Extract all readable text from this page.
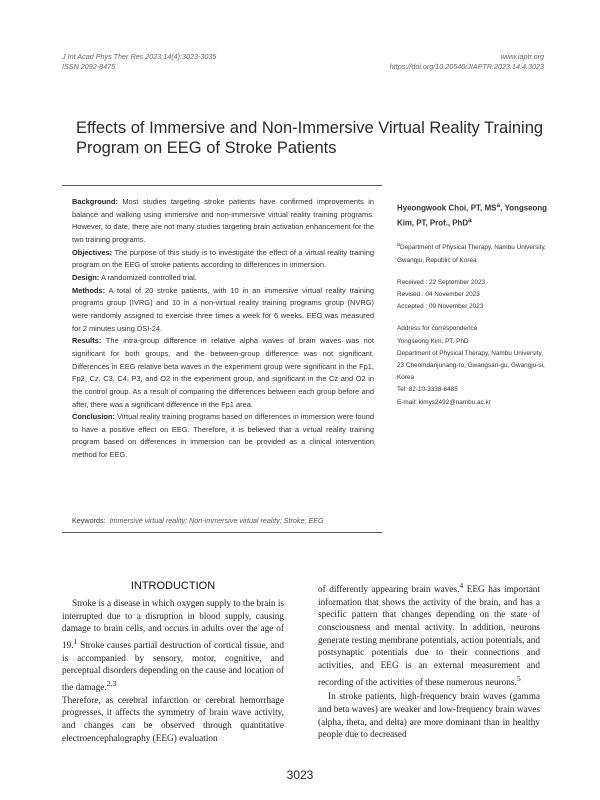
J Int Acad Phys Ther Res 2023;14(4):3023-3035
ISSN 2092-8475
www.iaptr.org
https://doi.org/10.20540/JIAPTR.2023.14.4.3023
Effects of Immersive and Non-Immersive Virtual Reality Training Program on EEG of Stroke Patients

Background: Most studies targeting stroke patients have confirmed improvements in balance and walking using immersive and non-immersive virtual reality training programs. However, to date, there are not many studies targeting brain activation enhancement for the two training programs.

Objectives: The purpose of this study is to investigate the effect of a virtual reality training program on the EEG of stroke patients according to differences in immersion.

Design: A randomized controlled trial.

Methods: A total of 20 stroke patients, with 10 in an immersive virtual reality training programs group (IVRG) and 10 in a non-virtual reality training programs group (NVRG) were randomly assigned to exercise three times a week for 6 weeks. EEG was measured for 2 minutes using DSI-24.

Results: The intra-group difference in relative alpha waves of brain waves was not significant for both groups, and the between-group difference was not significant. Differences in EEG relative beta waves in the experiment group were significant in the Fp1, Fp2, Cz, C3, C4, P3, and O2 in the experiment group, and significant in the Cz and O2 in the control group. As a result of comparing the differences between each group before and after, there was a significant difference in the Fp1 area.

Conclusion: Virtual reality training programs based on differences in immersion were found to have a positive effect on EEG. Therefore, it is believed that a virtual reality training program based on differences in immersion can be provided as a clinical intervention method for EEG.

Keywords: Immersive virtual reality; Non-immersive virtual reality; Stroke; EEG
Hyeongwook Choi, PT, $MS^a$, Yongseong Kim, PT, Prof., PhD$^a$
$^a$Department of Physical Therapy, Nambu University, Gwangju, Republic of Korea
Received : 22 September 2023
Revised : 04 November 2023
Accepted : 09 November 2023
Address for correspondence
Yongseong Kim, PT, PhD
Department of Physical Therapy, Nambu University, 23 Cheomdanjunang-ro, Gwangsan-gu, Gwangju-si, Korea
Tel: 82-10-3338-6485
E-mail: kimys2492@nambu.ac.kr
INTRODUCTION

Stroke is a disease in which oxygen supply to the brain is interrupted due to a disruption in blood supply, causing damage to brain cells, and occurs in adults over the age of 19.$^1$ Stroke causes partial destruction of cortical tissue, and is accompanied by sensory, motor, cognitive, and perceptual disorders depending on the cause and location of the damage.$^{2,3}$

Therefore, as cerebral infarction or cerebral hemorrhage progresses, it affects the symmetry of brain wave activity, and changes can be observed through quantitative electroencephalography (EEG) evaluation

of differently appearing brain waves.$^4$ EEG has important information that shows the activity of the brain, and has a specific pattern that changes depending on the state of consciousness and mental activity. In addition, neurons generate resting membrane potentials, action potentials, and postsynaptic potentials due to their connections and activities, and EEG is an external measurement and recording of the activities of these numerous neurons.$^5$

In stroke patients, high-frequency brain waves (gamma and beta waves) are weaker and low-frequency brain waves (alpha, theta, and delta) are more dominant than in healthy people due to decreased

3023
